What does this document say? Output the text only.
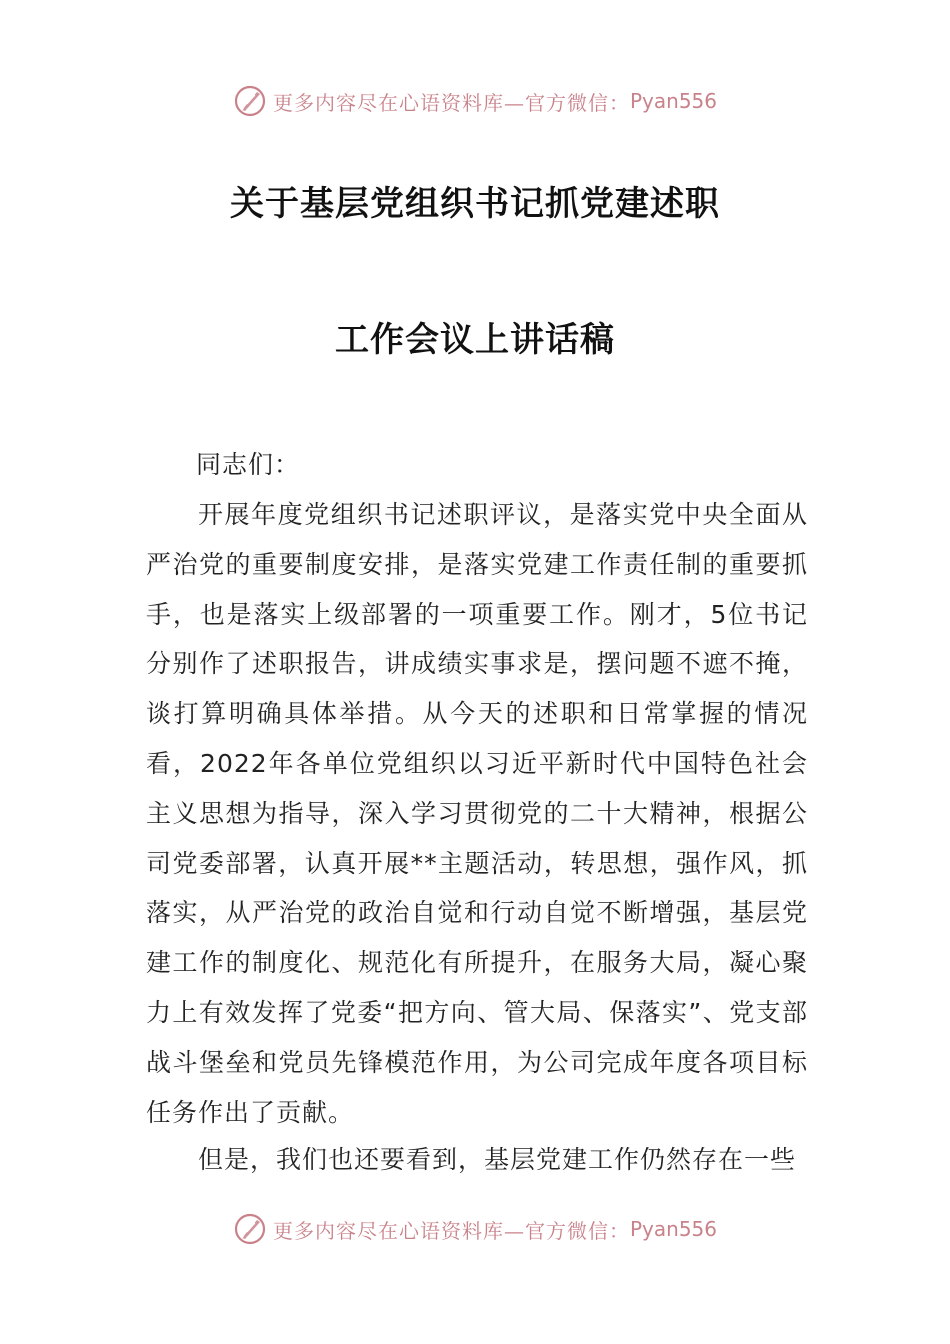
更多内容尽在心语资料库—官方微信： Pyan556
关于基层党组织书记抓党建述职
工作会议上讲话稿
同志们：
开展年度党组织书记述职评议，是落实党中央全面从严治党的重要制度安排，是落实党建工作责任制的重要抓手，也是落实上级部署的一项重要工作。刚才，5位书记分别作了述职报告，讲成绩实事求是，摆问题不遮不掩，谈打算明确具体举措。从今天的述职和日常掌握的情况看，2022年各单位党组织以习近平新时代中国特色社会主义思想为指导，深入学习贯彻党的二十大精神，根据公司党委部署，认真开展**主题活动，转思想，强作风，抓落实，从严治党的政治自觉和行动自觉不断增强，基层党建工作的制度化、规范化有所提升，在服务大局，凝心聚力上有效发挥了党委“把方向、管大局、保落实”、党支部战斗堡垒和党员先锋模范作用，为公司完成年度各项目标任务作出了贡献。
但是，我们也还要看到，基层党建工作仍然存在一些
更多内容尽在心语资料库—官方微信： Pyan556
